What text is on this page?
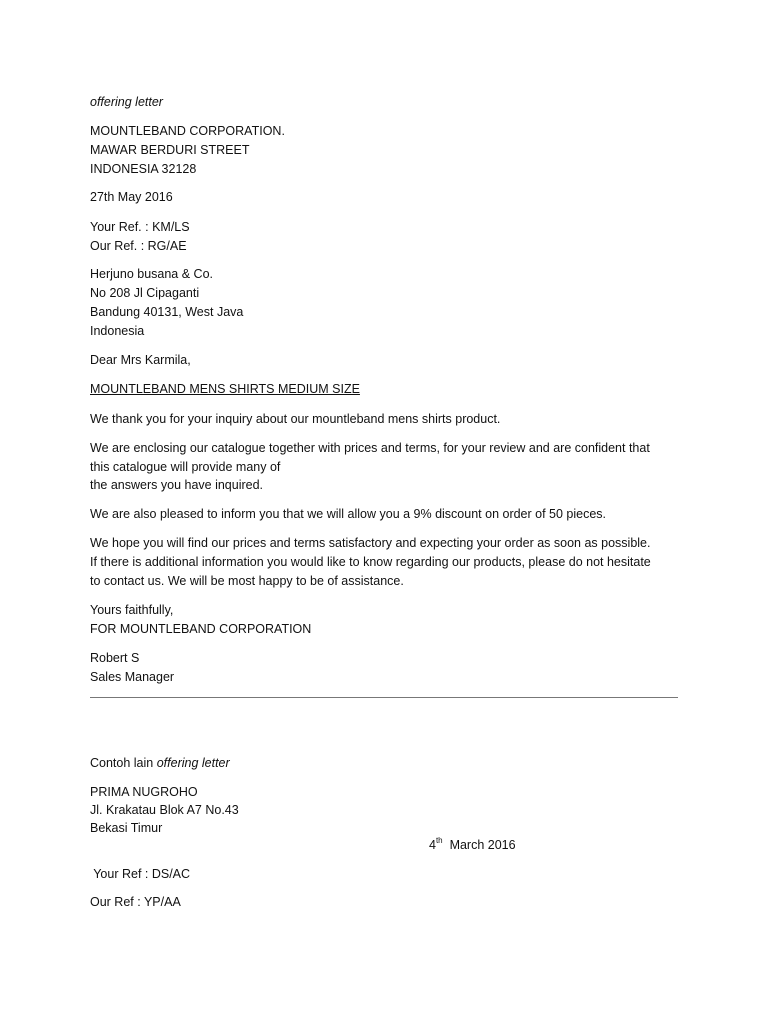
offering letter
MOUNTLEBAND CORPORATION.
MAWAR BERDURI STREET
INDONESIA 32128
27th May 2016
Your Ref. : KM/LS
Our Ref. : RG/AE
Herjuno busana & Co.
No 208 Jl Cipaganti
Bandung 40131, West Java
Indonesia
Dear Mrs Karmila,
MOUNTLEBAND MENS SHIRTS MEDIUM SIZE
We thank you for your inquiry about our mountleband mens shirts product.
We are enclosing our catalogue together with prices and terms, for your review and are confident that
this catalogue will provide many of
the answers you have inquired.
We are also pleased to inform you that we will allow you a 9% discount on order of 50 pieces.
We hope you will find our prices and terms satisfactory and expecting your order as soon as possible.
If there is additional information you would like to know regarding our products, please do not hesitate
to contact us. We will be most happy to be of assistance.
Yours faithfully,
FOR MOUNTLEBAND CORPORATION
Robert S
Sales Manager
Contoh lain offering letter
PRIMA NUGROHO
Jl. Krakatau Blok A7 No.43
Bekasi Timur
4th  March 2016
Your Ref : DS/AC
Our Ref : YP/AA
